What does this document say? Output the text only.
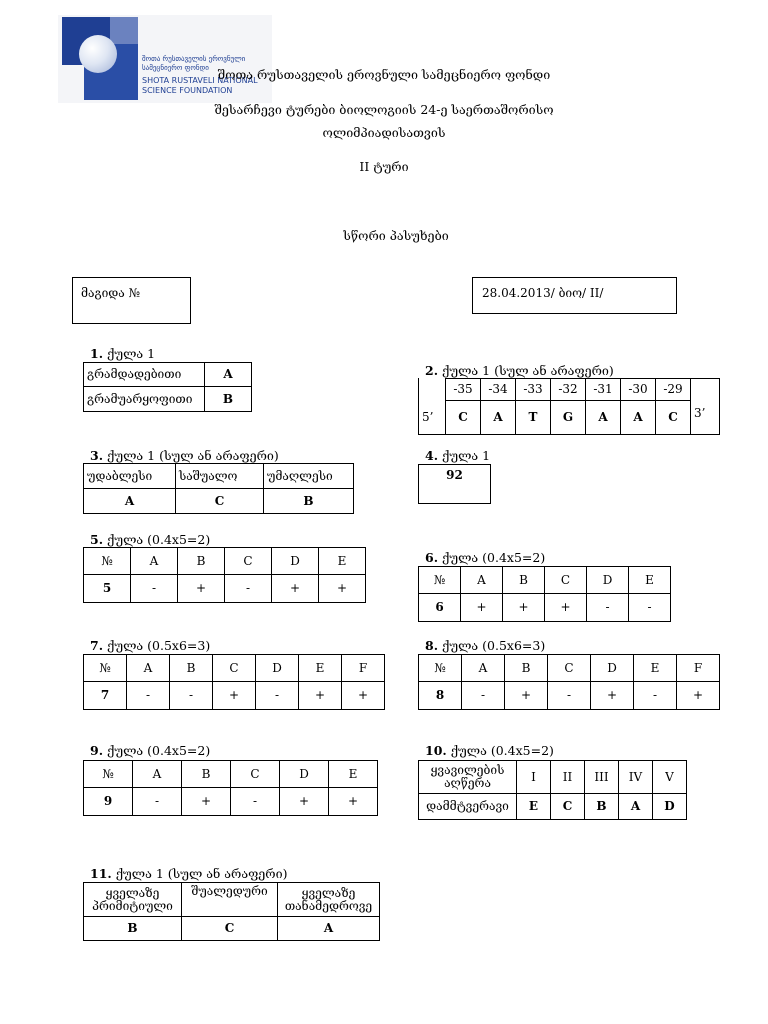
შოთა რუსთაველის ეროვნული
სამეცნიერო ფონდი
SHOTA RUSTAVELI NATIONAL
SCIENCE FOUNDATION
შოთა რუსთაველის ეროვნული სამეცნიერო ფონდი
შესარჩევი ტურები ბიოლოგიის 24-ე საერთაშორისო
ოლიმპიადისათვის
II ტური
სწორი პასუხები
მაგიდა №	28.04.2013/ ბიო/ II/
1. ქულა 1
გრამდადებითი	A
გრამუარყოფითი	B
2. ქულა 1 (სულ ან არაფერი)
	-35	-34	-33	-32	-31	-30	-29	
5’	C	A	T	G	A	A	C	3’
3. ქულა 1 (სულ ან არაფერი)
უდაბლესი	საშუალო	უმაღლესი
A	C	B
4. ქულა 1
92
5. ქულა (0.4x5=2)
№	A	B	C	D	E
5	-	+	-	+	+
6. ქულა (0.4x5=2)
№	A	B	C	D	E
6	+	+	+	-	-
7. ქულა (0.5x6=3)
№	A	B	C	D	E	F
7	-	-	+	-	+	+
8. ქულა (0.5x6=3)
№	A	B	C	D	E	F
8	-	+	-	+	-	+
9. ქულა (0.4x5=2)
№	A	B	C	D	E
9	-	+	-	+	+
10. ქულა (0.4x5=2)
ყვავილების აღწერა	I	II	III	IV	V
დამმტვერავი	E	C	B	A	D
11. ქულა 1 (სულ ან არაფერი)
ყველაზე პრიმიტიული	შუალედური	ყველაზე თანამედროვე
B	C	A
